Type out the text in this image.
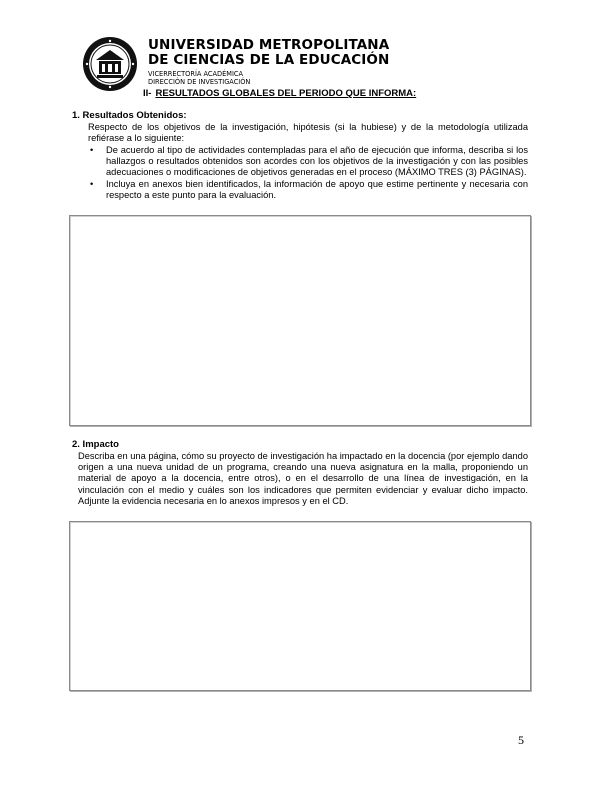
UNIVERSIDAD METROPOLITANA
DE CIENCIAS DE LA EDUCACIÓN
VICERRECTORÍA ACADÉMICA
DIRECCIÓN DE INVESTIGACIÓN
II- RESULTADOS GLOBALES DEL PERIODO QUE INFORMA:
1. Resultados Obtenidos:
Respecto de los objetivos de la investigación, hipótesis (si la hubiese) y de la metodología utilizada refiérase a lo siguiente:
• De acuerdo al tipo de actividades contempladas para el año de ejecución que informa, describa si los hallazgos o resultados obtenidos son acordes con los objetivos de la investigación y con las posibles adecuaciones o modificaciones de objetivos generadas en el proceso (MÁXIMO TRES (3) PÁGINAS).
• Incluya en anexos bien identificados, la información de apoyo que estime pertinente y necesaria con respecto a este punto para la evaluación.
2. Impacto
Describa en una página, cómo su proyecto de investigación ha impactado en la docencia (por ejemplo dando origen a una nueva unidad de un programa, creando una nueva asignatura en la malla, proponiendo un material de apoyo a la docencia, entre otros), o en el desarrollo de una línea de investigación, en la vinculación con el medio y cuáles son los indicadores que permiten evidenciar y evaluar dicho impacto. Adjunte la evidencia necesaria en lo anexos impresos y en el CD.
5
